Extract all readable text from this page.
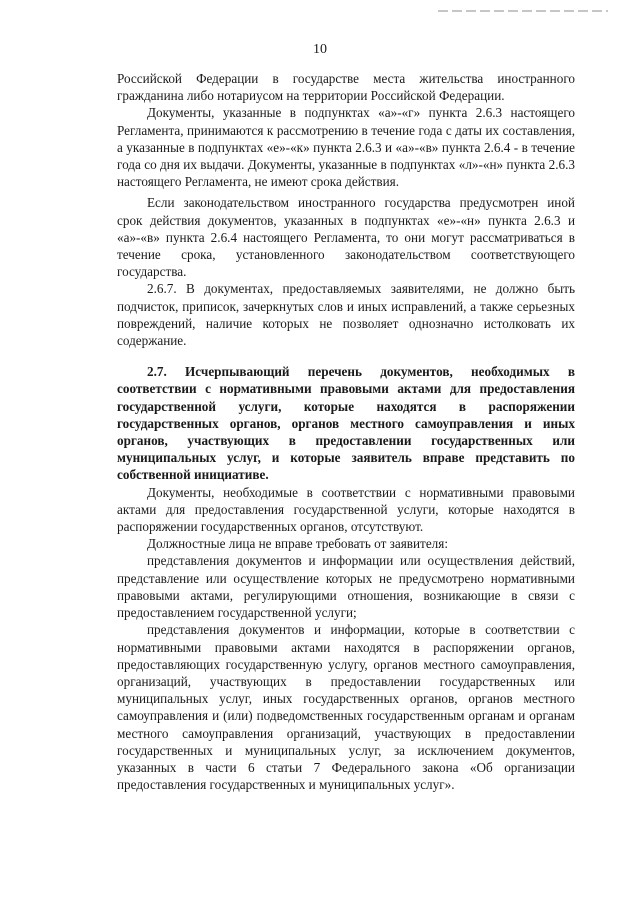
10

Российской Федерации в государстве места жительства иностранного гражданина либо нотариусом на территории Российской Федерации.

Документы, указанные в подпунктах «а»-«г» пункта 2.6.3 настоящего Регламента, принимаются к рассмотрению в течение года с даты их составления, а указанные в подпунктах «е»-«к» пункта 2.6.3 и «а»-«в» пункта 2.6.4 - в течение года со дня их выдачи. Документы, указанные в подпунктах «л»-«н» пункта 2.6.3 настоящего Регламента, не имеют срока действия.

Если законодательством иностранного государства предусмотрен иной срок действия документов, указанных в подпунктах «е»-«н» пункта 2.6.3 и «а»-«в» пункта 2.6.4 настоящего Регламента, то они могут рассматриваться в течение срока, установленного законодательством соответствующего государства.

2.6.7. В документах, предоставляемых заявителями, не должно быть подчисток, приписок, зачеркнутых слов и иных исправлений, а также серьезных повреждений, наличие которых не позволяет однозначно истолковать их содержание.

2.7. Исчерпывающий перечень документов, необходимых в соответствии с нормативными правовыми актами для предоставления государственной услуги, которые находятся в распоряжении государственных органов, органов местного самоуправления и иных органов, участвующих в предоставлении государственных или муниципальных услуг, и которые заявитель вправе представить по собственной инициативе.

Документы, необходимые в соответствии с нормативными правовыми актами для предоставления государственной услуги, которые находятся в распоряжении государственных органов, отсутствуют.

Должностные лица не вправе требовать от заявителя:

представления документов и информации или осуществления действий, представление или осуществление которых не предусмотрено нормативными правовыми актами, регулирующими отношения, возникающие в связи с предоставлением государственной услуги;

представления документов и информации, которые в соответствии с нормативными правовыми актами находятся в распоряжении органов, предоставляющих государственную услугу, органов местного самоуправления, организаций, участвующих в предоставлении государственных или муниципальных услуг, иных государственных органов, органов местного самоуправления и (или) подведомственных государственным органам и органам местного самоуправления организаций, участвующих в предоставлении государственных и муниципальных услуг, за исключением документов, указанных в части 6 статьи 7 Федерального закона «Об организации предоставления государственных и муниципальных услуг».
